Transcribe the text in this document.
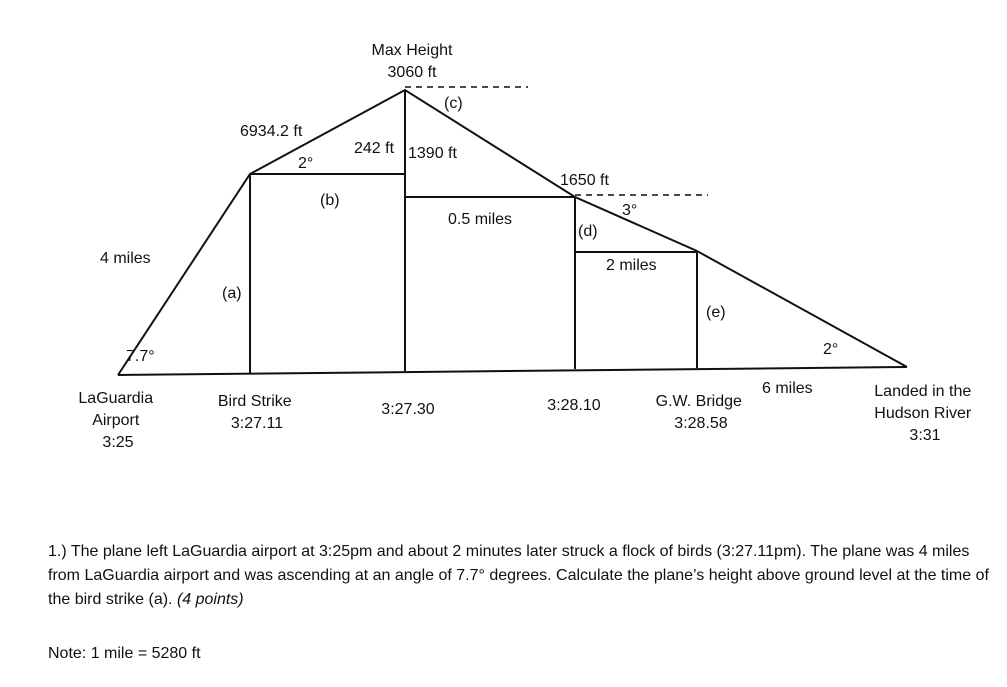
Max Height
3060 ft
(c)
6934.2 ft
2°
242 ft 1390 ft
(b)
1650 ft
3°
0.5 miles
(d)
4 miles	2 miles
(a)
(e)
7.7°	2°
6 miles
LaGuardia Airport 3:25
Bird Strike 3:27.11
3:27.30	3:28.10	G.W. Bridge 3:28.58
Landed in the Hudson River 3:31
1.) The plane left LaGuardia airport at 3:25pm and about 2 minutes later struck a flock of birds (3:27.11pm). The plane was 4 miles from LaGuardia airport and was ascending at an angle of 7.7° degrees. Calculate the plane’s height above ground level at the time of the bird strike (a). (4 points)
Note: 1 mile = 5280 ft
